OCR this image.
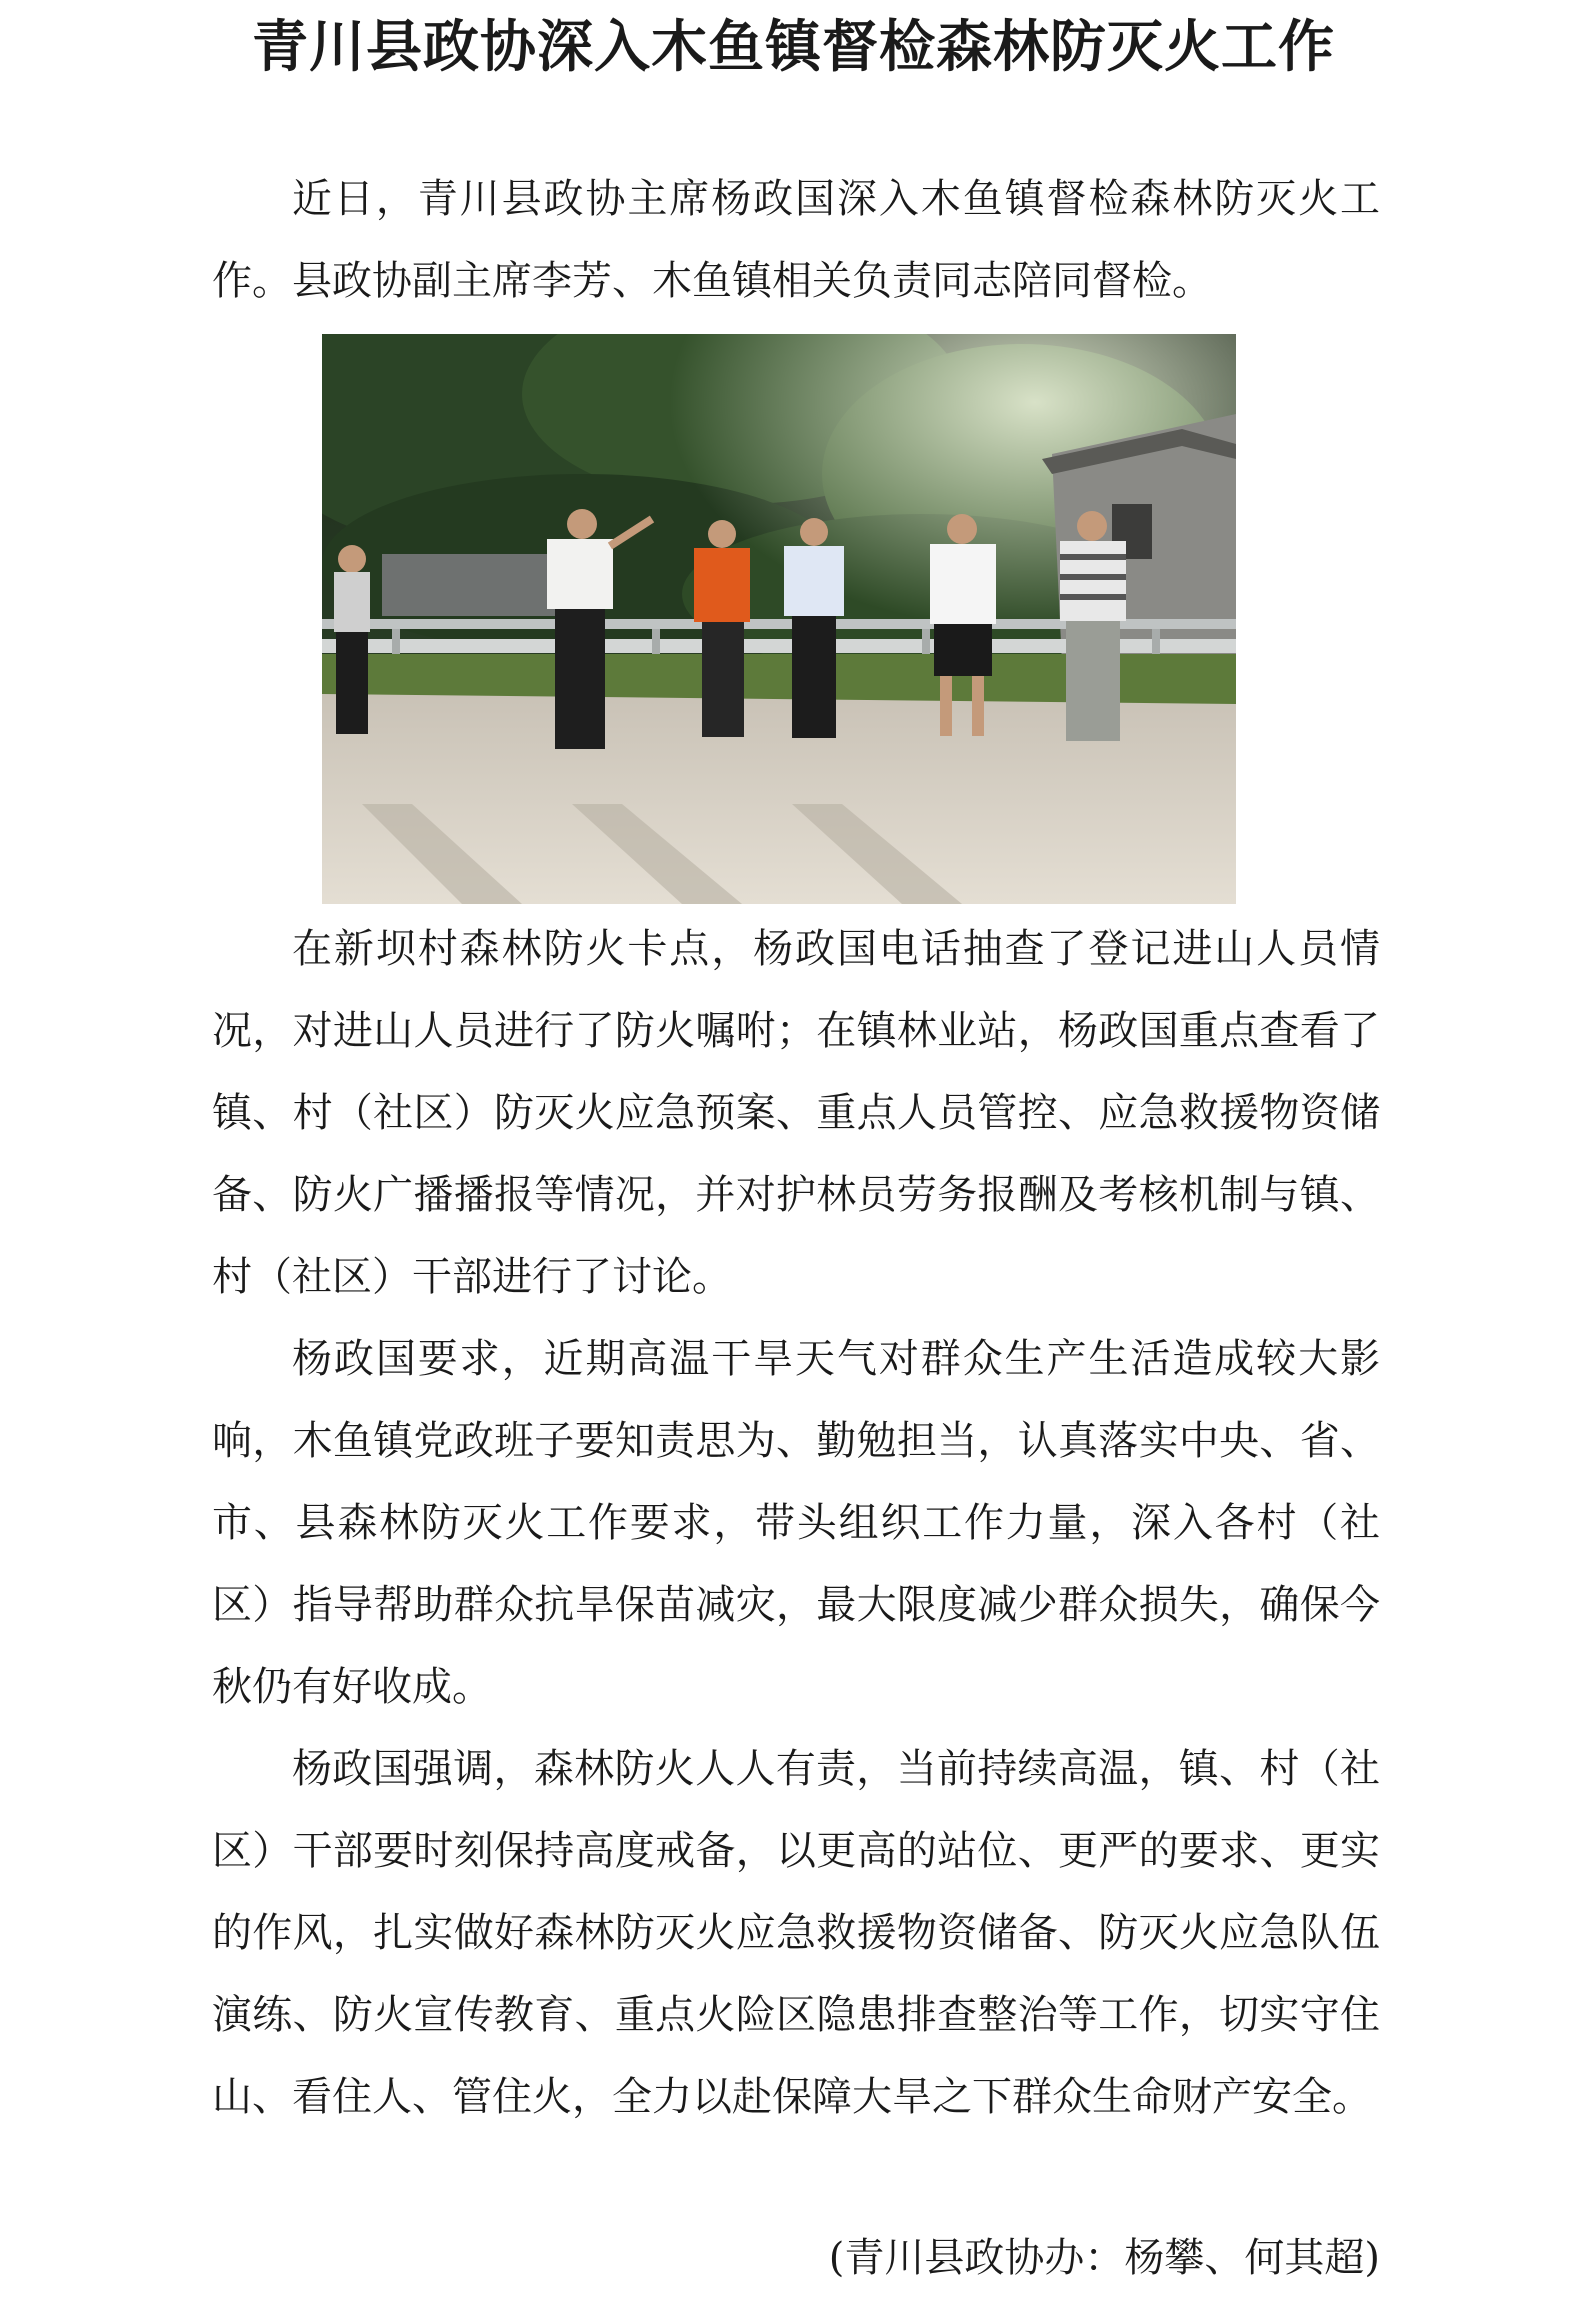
青川县政协深入木鱼镇督检森林防灭火工作

近日，青川县政协主席杨政国深入木鱼镇督检森林防灭火工作。县政协副主席李芳、木鱼镇相关负责同志陪同督检。

在新坝村森林防火卡点，杨政国电话抽查了登记进山人员情况，对进山人员进行了防火嘱咐；在镇林业站，杨政国重点查看了镇、村（社区）防灭火应急预案、重点人员管控、应急救援物资储备、防火广播播报等情况，并对护林员劳务报酬及考核机制与镇、村（社区）干部进行了讨论。

杨政国要求，近期高温干旱天气对群众生产生活造成较大影响，木鱼镇党政班子要知责思为、勤勉担当，认真落实中央、省、市、县森林防灭火工作要求，带头组织工作力量，深入各村（社区）指导帮助群众抗旱保苗减灾，最大限度减少群众损失，确保今秋仍有好收成。

杨政国强调，森林防火人人有责，当前持续高温，镇、村（社区）干部要时刻保持高度戒备，以更高的站位、更严的要求、更实的作风，扎实做好森林防灭火应急救援物资储备、防灭火应急队伍演练、防火宣传教育、重点火险区隐患排查整治等工作，切实守住山、看住人、管住火，全力以赴保障大旱之下群众生命财产安全。

(青川县政协办：杨攀、何其超)
